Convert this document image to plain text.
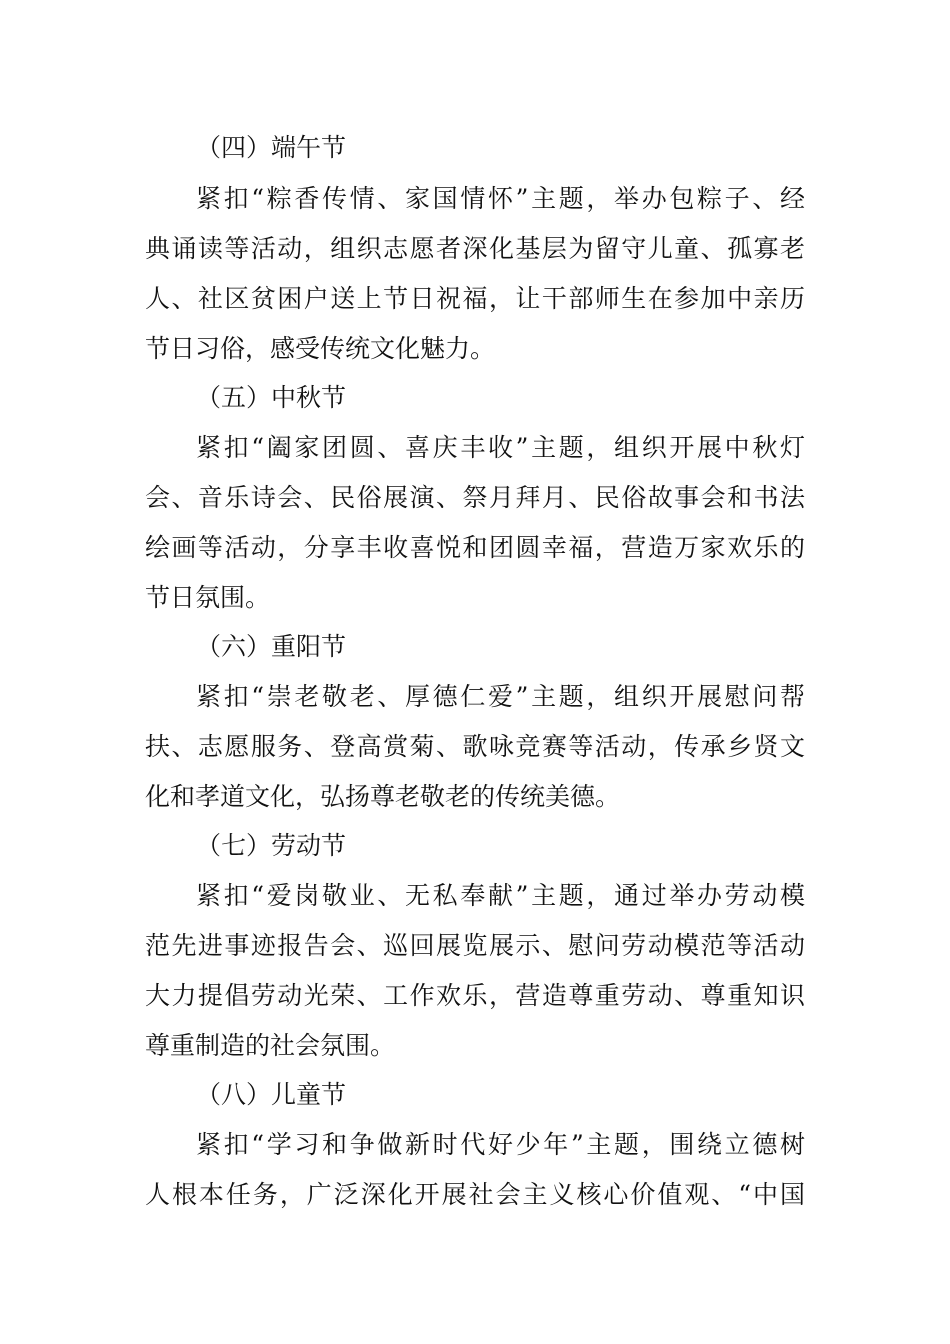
（四）端午节
紧扣“粽香传情、家国情怀”主题，举办包粽子、经
典诵读等活动，组织志愿者深化基层为留守儿童、孤寡老
人、社区贫困户送上节日祝福，让干部师生在参加中亲历
节日习俗，感受传统文化魅力。
（五）中秋节
紧扣“阖家团圆、喜庆丰收”主题，组织开展中秋灯
会、音乐诗会、民俗展演、祭月拜月、民俗故事会和书法
绘画等活动，分享丰收喜悦和团圆幸福，营造万家欢乐的
节日氛围。
（六）重阳节
紧扣“崇老敬老、厚德仁爱”主题，组织开展慰问帮
扶、志愿服务、登高赏菊、歌咏竞赛等活动，传承乡贤文
化和孝道文化，弘扬尊老敬老的传统美德。
（七）劳动节
紧扣“爱岗敬业、无私奉献”主题，通过举办劳动模
范先进事迹报告会、巡回展览展示、慰问劳动模范等活动
大力提倡劳动光荣、工作欢乐，营造尊重劳动、尊重知识
尊重制造的社会氛围。
（八）儿童节
紧扣“学习和争做新时代好少年”主题，围绕立德树
人根本任务，广泛深化开展社会主义核心价值观、“中国
